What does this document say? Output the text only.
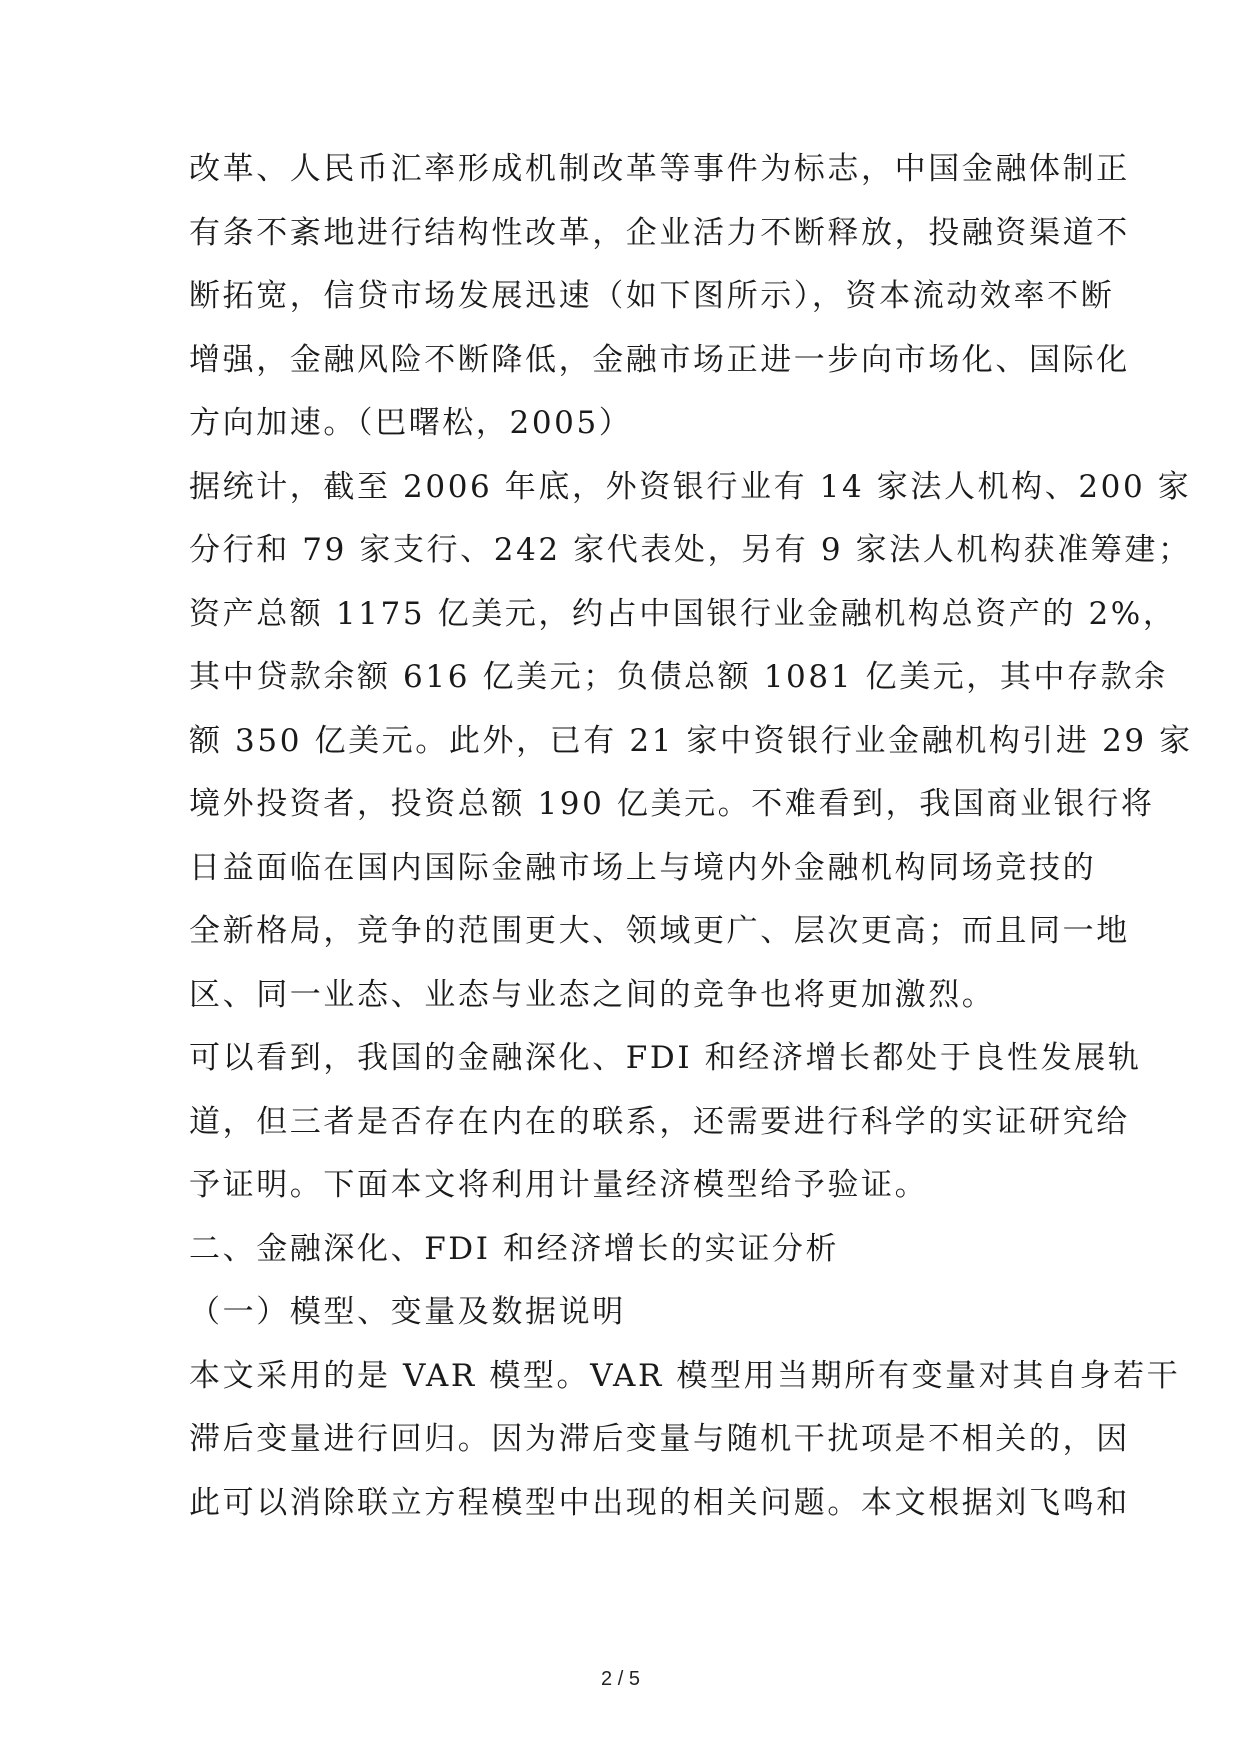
改革、人民币汇率形成机制改革等事件为标志，中国金融体制正
有条不紊地进行结构性改革，企业活力不断释放，投融资渠道不
断拓宽，信贷市场发展迅速（如下图所示），资本流动效率不断
增强，金融风险不断降低，金融市场正进一步向市场化、国际化
方向加速。（巴曙松，2005）
据统计，截至 2006 年底，外资银行业有 14 家法人机构、200 家
分行和 79 家支行、242 家代表处，另有 9 家法人机构获准筹建；
资产总额 1175 亿美元，约占中国银行业金融机构总资产的 2%，
其中贷款余额 616 亿美元；负债总额 1081 亿美元，其中存款余
额 350 亿美元。此外，已有 21 家中资银行业金融机构引进 29 家
境外投资者，投资总额 190 亿美元。不难看到，我国商业银行将
日益面临在国内国际金融市场上与境内外金融机构同场竞技的
全新格局，竞争的范围更大、领域更广、层次更高；而且同一地
区、同一业态、业态与业态之间的竞争也将更加激烈。
可以看到，我国的金融深化、FDI 和经济增长都处于良性发展轨
道，但三者是否存在内在的联系，还需要进行科学的实证研究给
予证明。下面本文将利用计量经济模型给予验证。
二、金融深化、FDI 和经济增长的实证分析
（一）模型、变量及数据说明
本文采用的是 VAR 模型。VAR 模型用当期所有变量对其自身若干
滞后变量进行回归。因为滞后变量与随机干扰项是不相关的，因
此可以消除联立方程模型中出现的相关问题。本文根据刘飞鸣和
2 / 5
